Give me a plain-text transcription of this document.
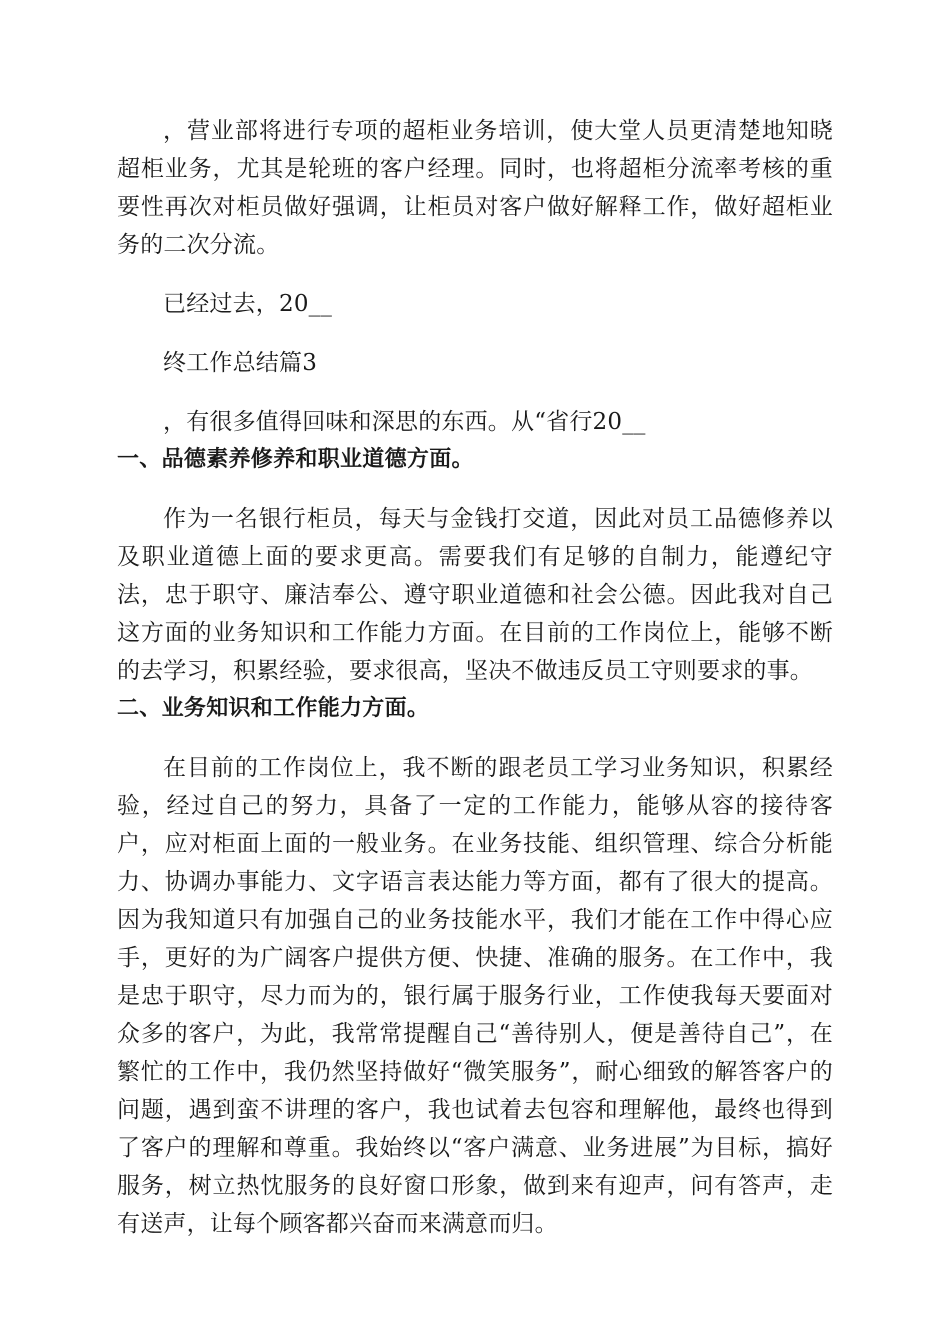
，营业部将进行专项的超柜业务培训，使大堂人员更清楚地知晓超柜业务，尤其是轮班的客户经理。同时，也将超柜分流率考核的重要性再次对柜员做好强调，让柜员对客户做好解释工作，做好超柜业务的二次分流。

已经过去，20__

终工作总结篇3

，有很多值得回味和深思的东西。从“省行20__

一、品德素养修养和职业道德方面。

作为一名银行柜员，每天与金钱打交道，因此对员工品德修养以及职业道德上面的要求更高。需要我们有足够的自制力，能遵纪守法，忠于职守、廉洁奉公、遵守职业道德和社会公德。因此我对自己这方面的业务知识和工作能力方面。在目前的工作岗位上，能够不断的去学习，积累经验，要求很高，坚决不做违反员工守则要求的事。

二、业务知识和工作能力方面。

在目前的工作岗位上，我不断的跟老员工学习业务知识，积累经验，经过自己的努力，具备了一定的工作能力，能够从容的接待客户，应对柜面上面的一般业务。在业务技能、组织管理、综合分析能力、协调办事能力、文字语言表达能力等方面，都有了很大的提高。因为我知道只有加强自己的业务技能水平，我们才能在工作中得心应手，更好的为广阔客户提供方便、快捷、准确的服务。在工作中，我是忠于职守，尽力而为的，银行属于服务行业，工作使我每天要面对众多的客户，为此，我常常提醒自己“善待别人，便是善待自己”，在繁忙的工作中，我仍然坚持做好“微笑服务”，耐心细致的解答客户的问题，遇到蛮不讲理的客户，我也试着去包容和理解他，最终也得到了客户的理解和尊重。我始终以“客户满意、业务进展”为目标，搞好服务，树立热忱服务的良好窗口形象，做到来有迎声，问有答声，走有送声，让每个顾客都兴奋而来满意而归。
